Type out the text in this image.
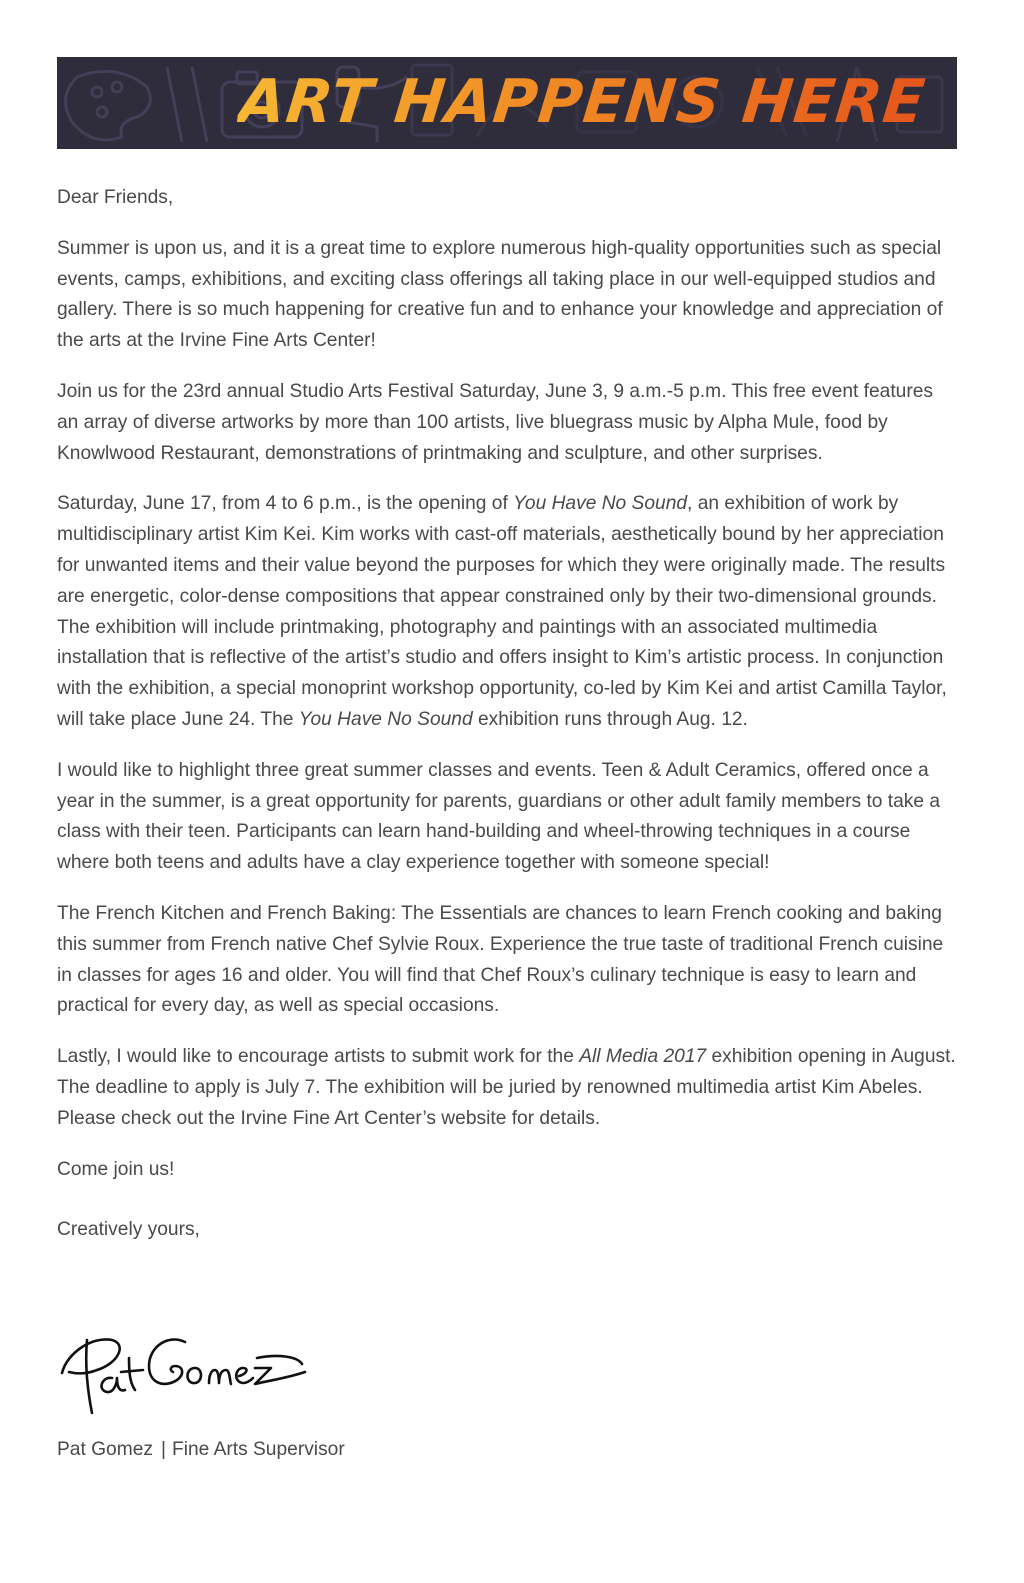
ART HAPPENS HERE

Dear Friends,

Summer is upon us, and it is a great time to explore numerous high-quality opportunities such as special events, camps, exhibitions, and exciting class offerings all taking place in our well-equipped studios and gallery. There is so much happening for creative fun and to enhance your knowledge and appreciation of the arts at the Irvine Fine Arts Center!

Join us for the 23rd annual Studio Arts Festival Saturday, June 3, 9 a.m.-5 p.m. This free event features an array of diverse artworks by more than 100 artists, live bluegrass music by Alpha Mule, food by Knowlwood Restaurant, demonstrations of printmaking and sculpture, and other surprises.

Saturday, June 17, from 4 to 6 p.m., is the opening of You Have No Sound, an exhibition of work by multidisciplinary artist Kim Kei. Kim works with cast-off materials, aesthetically bound by her appreciation for unwanted items and their value beyond the purposes for which they were originally made. The results are energetic, color-dense compositions that appear constrained only by their two-dimensional grounds. The exhibition will include printmaking, photography and paintings with an associated multimedia installation that is reflective of the artist’s studio and offers insight to Kim’s artistic process. In conjunction with the exhibition, a special monoprint workshop opportunity, co-led by Kim Kei and artist Camilla Taylor, will take place June 24. The You Have No Sound exhibition runs through Aug. 12.

I would like to highlight three great summer classes and events. Teen & Adult Ceramics, offered once a year in the summer, is a great opportunity for parents, guardians or other adult family members to take a class with their teen. Participants can learn hand-building and wheel-throwing techniques in a course where both teens and adults have a clay experience together with someone special!

The French Kitchen and French Baking: The Essentials are chances to learn French cooking and baking this summer from French native Chef Sylvie Roux. Experience the true taste of traditional French cuisine in classes for ages 16 and older. You will find that Chef Roux’s culinary technique is easy to learn and practical for every day, as well as special occasions.

Lastly, I would like to encourage artists to submit work for the All Media 2017 exhibition opening in August. The deadline to apply is July 7. The exhibition will be juried by renowned multimedia artist Kim Abeles. Please check out the Irvine Fine Art Center’s website for details.

Come join us!

Creatively yours,

Pat Gomez | Fine Arts Supervisor
